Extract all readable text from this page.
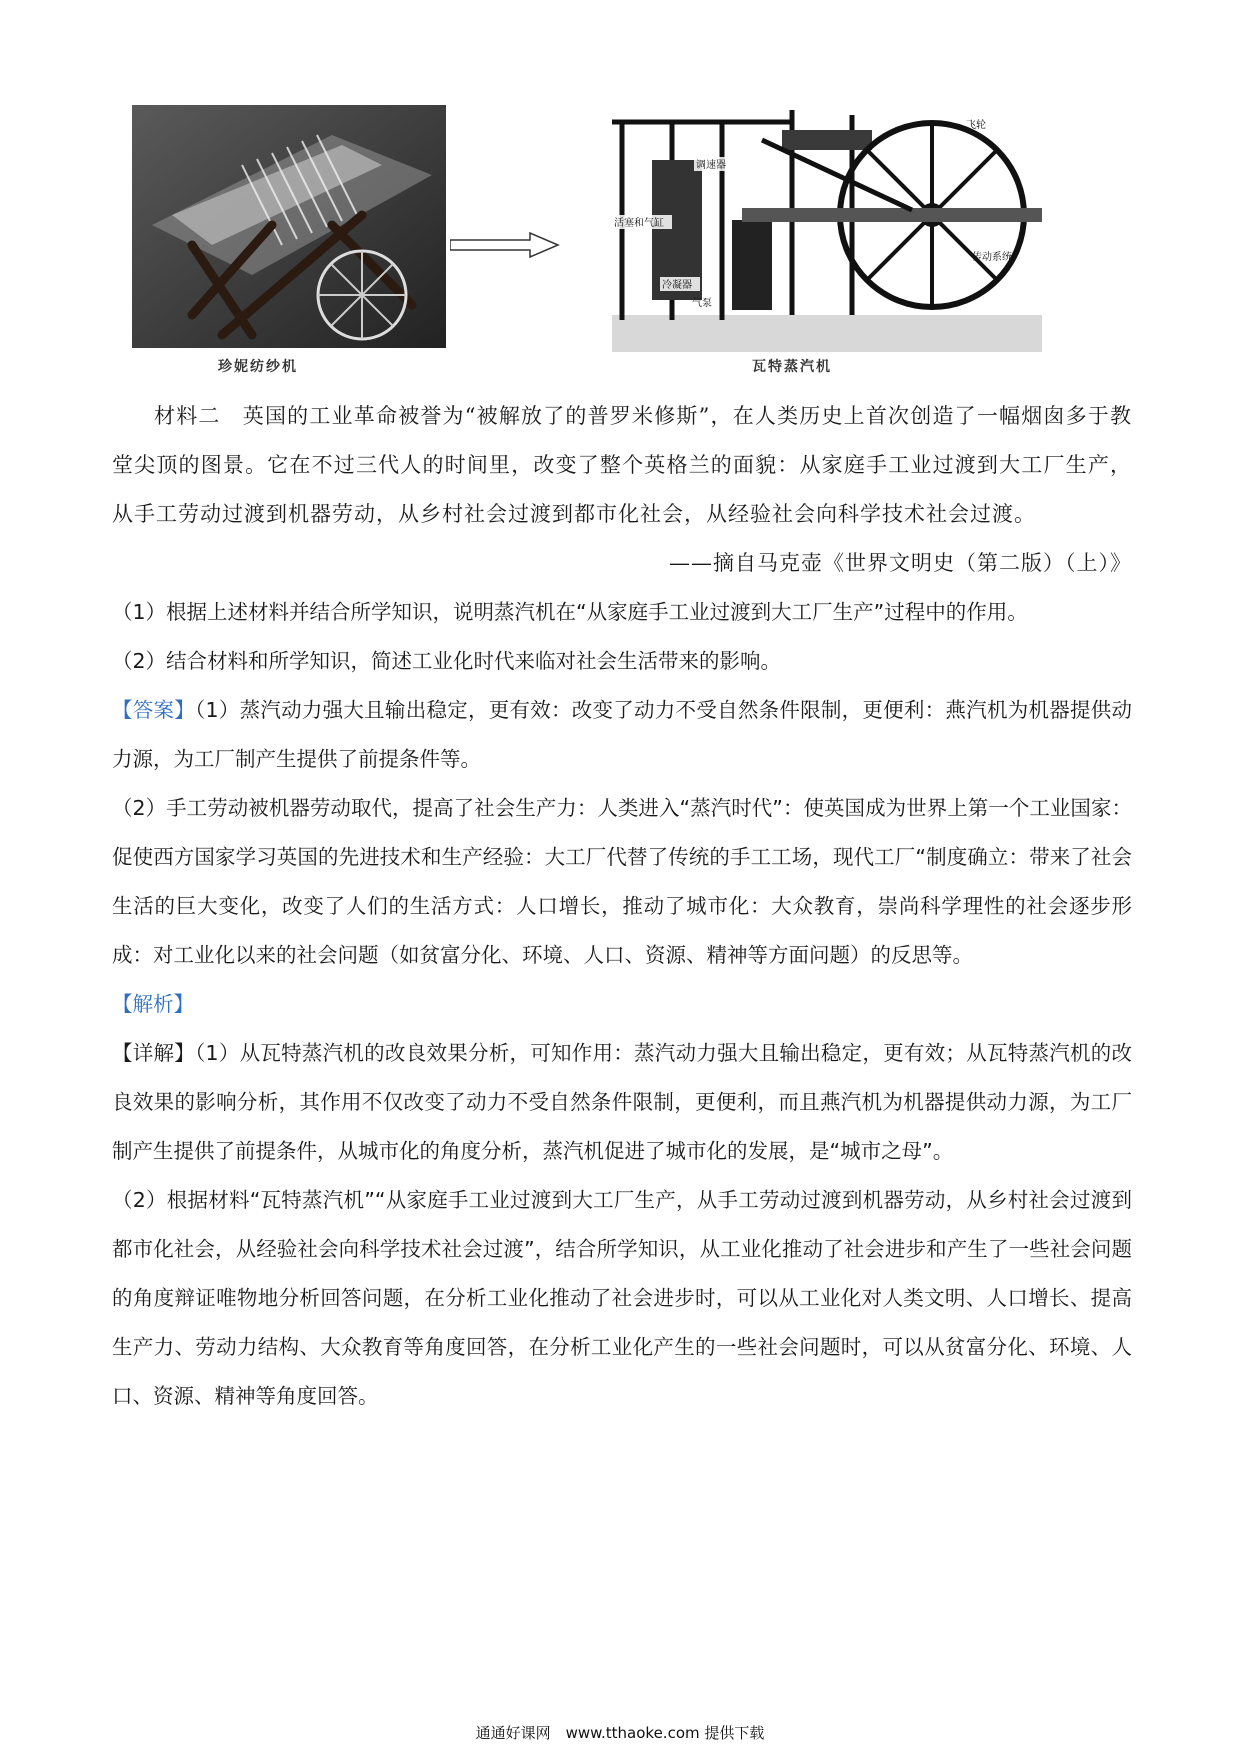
飞轮
调速器
活塞和气缸
冷凝器
气泵
传动系统
珍妮纺纱机	瓦特蒸汽机

材料二　英国的工业革命被誉为“被解放了的普罗米修斯”，在人类历史上首次创造了一幅烟囱多于教堂尖顶的图景。它在不过三代人的时间里，改变了整个英格兰的面貌：从家庭手工业过渡到大工厂生产，从手工劳动过渡到机器劳动，从乡村社会过渡到都市化社会，从经验社会向科学技术社会过渡。

——摘自马克壶《世界文明史（第二版）（上）》

（1）根据上述材料并结合所学知识，说明蒸汽机在“从家庭手工业过渡到大工厂生产”过程中的作用。

（2）结合材料和所学知识，简述工业化时代来临对社会生活带来的影响。

【答案】（1）蒸汽动力强大且输出稳定，更有效：改变了动力不受自然条件限制，更便利：燕汽机为机器提供动力源，为工厂制产生提供了前提条件等。

（2）手工劳动被机器劳动取代，提高了社会生产力：人类进入“蒸汽时代”：使英国成为世界上第一个工业国家：促使西方国家学习英国的先进技术和生产经验：大工厂代替了传统的手工工场，现代工厂“制度确立：带来了社会生活的巨大变化，改变了人们的生活方式：人口增长，推动了城市化：大众教育，崇尚科学理性的社会逐步形成：对工业化以来的社会问题（如贫富分化、环境、人口、资源、精神等方面问题）的反思等。

【解析】

【详解】（1）从瓦特蒸汽机的改良效果分析，可知作用：蒸汽动力强大且输出稳定，更有效；从瓦特蒸汽机的改良效果的影响分析，其作用不仅改变了动力不受自然条件限制，更便利，而且燕汽机为机器提供动力源，为工厂制产生提供了前提条件，从城市化的角度分析，蒸汽机促进了城市化的发展，是“城市之母”。

（2）根据材料“瓦特蒸汽机”“从家庭手工业过渡到大工厂生产，从手工劳动过渡到机器劳动，从乡村社会过渡到都市化社会，从经验社会向科学技术社会过渡”，结合所学知识，从工业化推动了社会进步和产生了一些社会问题的角度辩证唯物地分析回答问题，在分析工业化推动了社会进步时，可以从工业化对人类文明、人口增长、提高生产力、劳动力结构、大众教育等角度回答，在分析工业化产生的一些社会问题时，可以从贫富分化、环境、人口、资源、精神等角度回答。

通通好课网　www.tthaoke.com 提供下载
